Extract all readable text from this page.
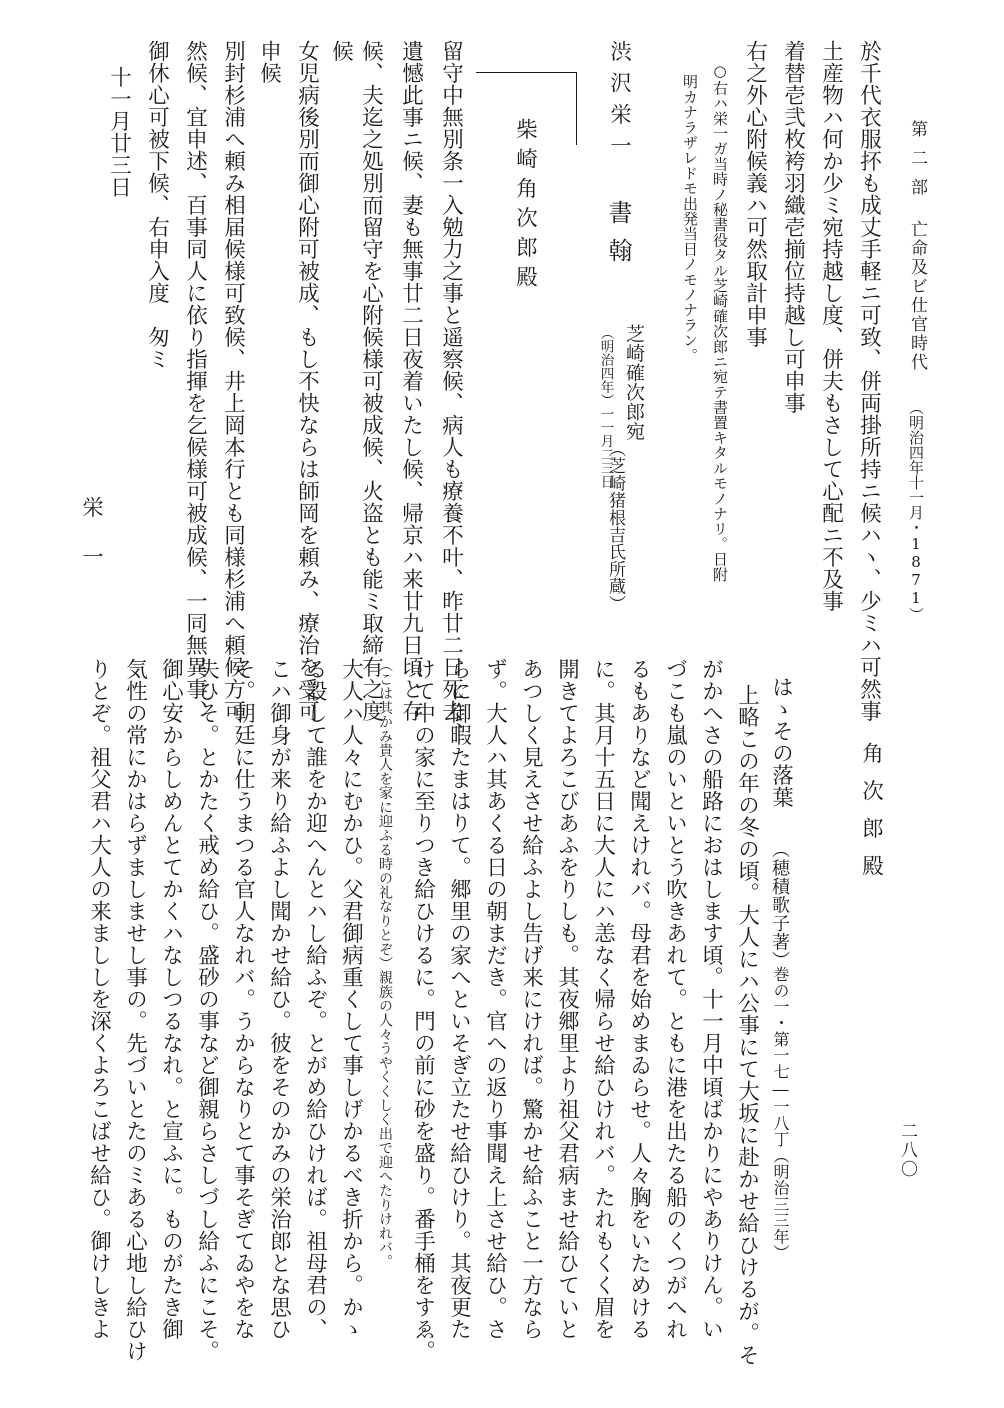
第二部
亡命及ビ仕官時代
（明治四年十一月・1871）
於千代衣服抔も成丈手軽ニ可致、併両掛所持ニ候ハヽ、少ミハ可然事
土産物ハ何か少ミ宛持越し度、併夫もさして心配ニ不及事
着替壱弐枚袴羽織壱揃位持越し可申事
右之外心附候義ハ可然取計申事
○右ハ栄一ガ当時ノ秘書役タル芝崎確次郎ニ宛テ書置キタルモノナリ。日附
明カナラザレドモ出発当日ノモノナラン。
渋沢栄一
書翰
芝崎確次郎宛
（明治四年）一一月二三日
（芝崎猪根吉氏所蔵）
柴崎角次郎殿
留守中無別条一入勉力之事と遥察候、病人も療養不叶、昨廿二日死去、
遺憾此事ニ候、妻も無事廿二日夜着いたし候、帰京ハ来廿九日頃と存
候、夫迄之処別而留守を心附候様可被成候、火盗とも能ミ取締有之度
候
女児病後別而御心附可被成、もし不快ならは師岡を頼み、療治を受可
申候
別封杉浦へ頼み相届候様可致候、井上岡本行とも同様杉浦へ頼候方可
然候、宜申述、百事同人に依り指揮を乞候様可被成候、一同無異事、
御休心可被下候、右申入度　匆ミ
十一月廿三日
栄一
角次郎殿
二八〇
はゝその落葉
（穂積歌子著）
巻の一・第一七―一八丁（明治三三年）
上略この年の冬の頃。大人にハ公事にて大坂に赴かせ給ひけるが。そ
がかへさの船路におはします頃。十一月中頃ばかりにやありけん。い
づこも嵐のいといとう吹きあれて。ともに港を出たる船のくつがへれ
るもありなど聞えけれバ。母君を始めまゐらせ。人々胸をいためける
に。其月十五日に大人にハ恙なく帰らせ給ひけれバ。たれもくく眉を
開きてよろこびあふをりしも。其夜郷里より祖父君病ませ給ひていと
あつしく見えさせ給ふよし告げ来にければ。驚かせ給ふこと一方なら
ず。大人ハ其あくる日の朝まだき。官への返り事聞え上させ給ひ。さ
らに御暇たまはりて。郷里の家へといそぎ立たせ給ひけり。其夜更た
けて中の家に至りつき給ひけるに。門の前に砂を盛り。番手桶をすゑ。
（こは其かみ貴人を家に迎ふる時の礼なりとぞ）親族の人々うやくくしく出で迎へたりけれバ。
大人ハ人々にむかひ。父君御病重くして事しげかるべき折から。かゝ
る設して誰をか迎へんとハし給ふぞ。とがめ給ひければ。祖母君の、
こハ御身が来り給ふよし聞かせ給ひ。彼をそのかみの栄治郎とな思ひ
そ。朝廷に仕うまつる官人なれバ。うからなりとて事そぎてゐやをな
失ひそ。とかたく戒め給ひ。盛砂の事など御親らさしづし給ふにこそ。
御心安からしめんとてかくハなしつるなれ。と宣ふに。ものがたき御
気性の常にかはらずましませし事の。先づいとたのミある心地し給ひけ
りとぞ。祖父君ハ大人の来まししを深くよろこばせ給ひ。御けしきよ
